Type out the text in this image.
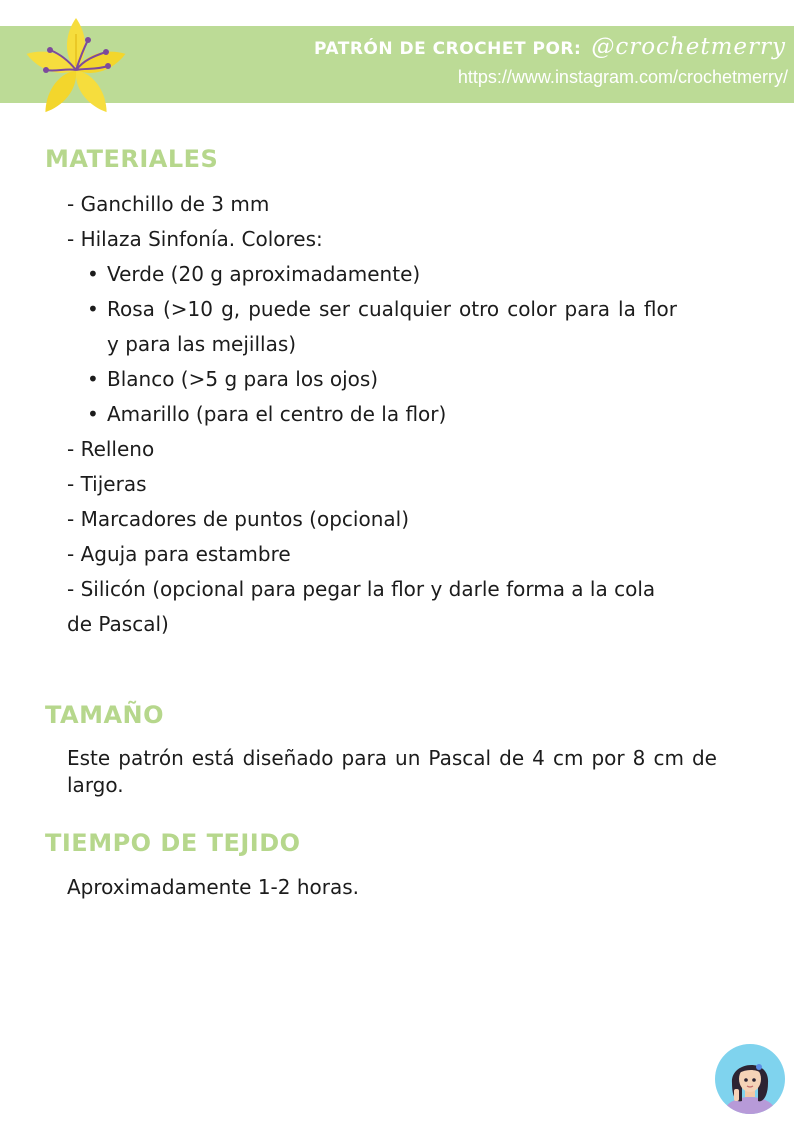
PATRÓN DE CROCHET POR: @crochetmerry
https://www.instagram.com/crochetmerry/
MATERIALES
- Ganchillo de 3 mm
- Hilaza Sinfonía. Colores:
• Verde (20 g aproximadamente)
• Rosa (>10 g, puede ser cualquier otro color para la flor y para las mejillas)
• Blanco (>5 g para los ojos)
• Amarillo (para el centro de la flor)
- Relleno
- Tijeras
- Marcadores de puntos (opcional)
- Aguja para estambre
- Silicón (opcional para pegar la flor y darle forma a la cola de Pascal)
TAMAÑO

Este patrón está diseñado para un Pascal de 4 cm por 8 cm de largo.

TIEMPO DE TEJIDO

Aproximadamente 1-2 horas.
